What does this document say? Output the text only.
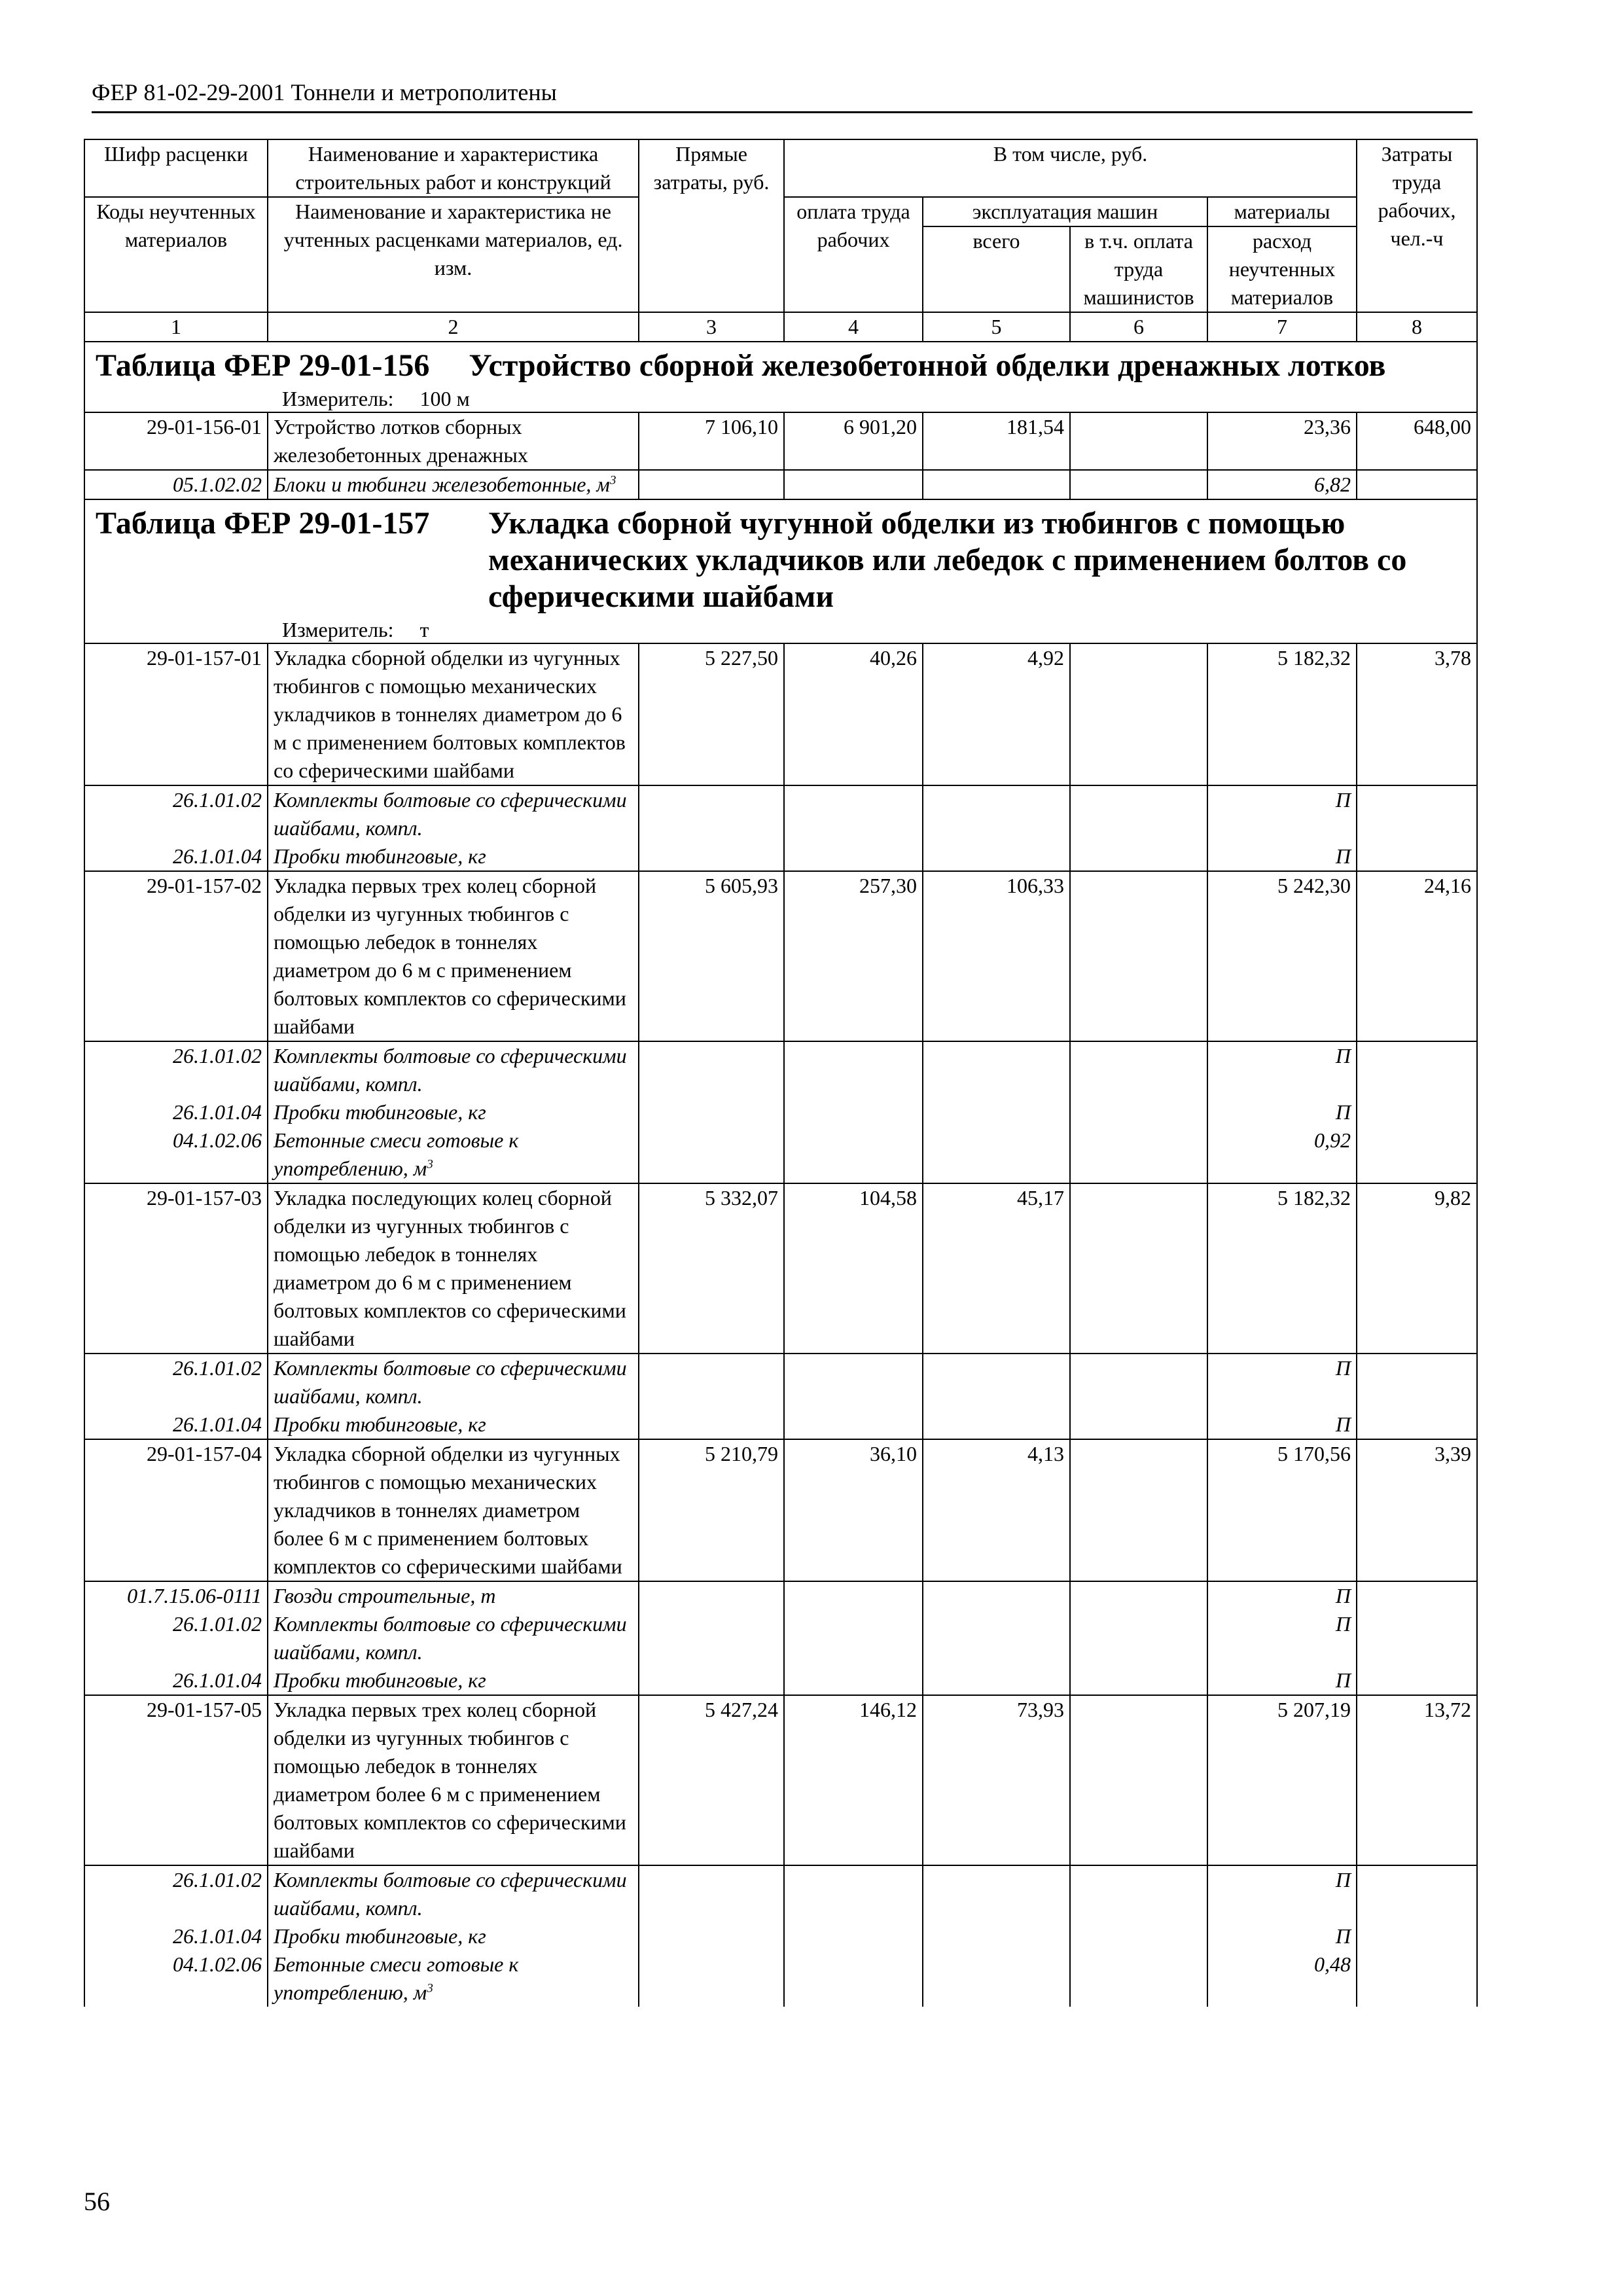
ФЕР 81-02-29-2001 Тоннели и метрополитены
Шифр расценки	Наименование и характеристика строительных работ и конструкций	Прямые затраты, руб.	В том числе, руб.				Затраты труда рабочих, чел.-ч
Коды неучтенных материалов	Наименование и характеристика не учтенных расценками материалов, ед. изм.		оплата труда рабочих	эксплуатация машин		материалы	
				всего	в т.ч. оплата труда машинистов	расход неучтенных материалов	
1	2	3	4	5	6	7	8

Таблица ФЕР 29-01-156 Устройство сборной железобетонной обделки дренажных лотков
Измеритель: 100 м							

29-01-156-01	Устройство лотков сборных железобетонных дренажных	7 106,10	6 901,20	181,54		23,36	648,00
05.1.02.02	Блоки и тюбинги железобетонные, $м^3$					6,82	

Таблица ФЕР 29-01-157 Укладка сборной чугунной обделки из тюбингов с помощью механических укладчиков или лебедок с применением болтов со сферическими шайбами
Измеритель: т							

29-01-157-01	Укладка сборной обделки из чугунных тюбингов с помощью механических укладчиков в тоннелях диаметром до 6 м с применением болтовых комплектов со сферическими шайбами	5 227,50	40,26	4,92		5 182,32	3,78
26.1.01.02	Комплекты болтовые со сферическими шайбами, компл.					П	
26.1.01.04	Пробки тюбинговые, кг					П	
29-01-157-02	Укладка первых трех колец сборной обделки из чугунных тюбингов с помощью лебедок в тоннелях диаметром до 6 м с применением болтовых комплектов со сферическими шайбами	5 605,93	257,30	106,33		5 242,30	24,16
26.1.01.02	Комплекты болтовые со сферическими шайбами, компл.					П	
26.1.01.04	Пробки тюбинговые, кг					П	
04.1.02.06	Бетонные смеси готовые к употреблению, $м^3$					0,92	
29-01-157-03	Укладка последующих колец сборной обделки из чугунных тюбингов с помощью лебедок в тоннелях диаметром до 6 м с применением болтовых комплектов со сферическими шайбами	5 332,07	104,58	45,17		5 182,32	9,82
26.1.01.02	Комплекты болтовые со сферическими шайбами, компл.					П	
26.1.01.04	Пробки тюбинговые, кг					П	
29-01-157-04	Укладка сборной обделки из чугунных тюбингов с помощью механических укладчиков в тоннелях диаметром более 6 м с применением болтовых комплектов со сферическими шайбами	5 210,79	36,10	4,13		5 170,56	3,39
01.7.15.06-0111	Гвозди строительные, т					П	
26.1.01.02	Комплекты болтовые со сферическими шайбами, компл.					П	
26.1.01.04	Пробки тюбинговые, кг					П	
29-01-157-05	Укладка первых трех колец сборной обделки из чугунных тюбингов с помощью лебедок в тоннелях диаметром более 6 м с применением болтовых комплектов со сферическими шайбами	5 427,24	146,12	73,93		5 207,19	13,72
26.1.01.02	Комплекты болтовые со сферическими шайбами, компл.					П	
26.1.01.04	Пробки тюбинговые, кг					П	
04.1.02.06	Бетонные смеси готовые к употреблению, $м^3$					0,48	
56
